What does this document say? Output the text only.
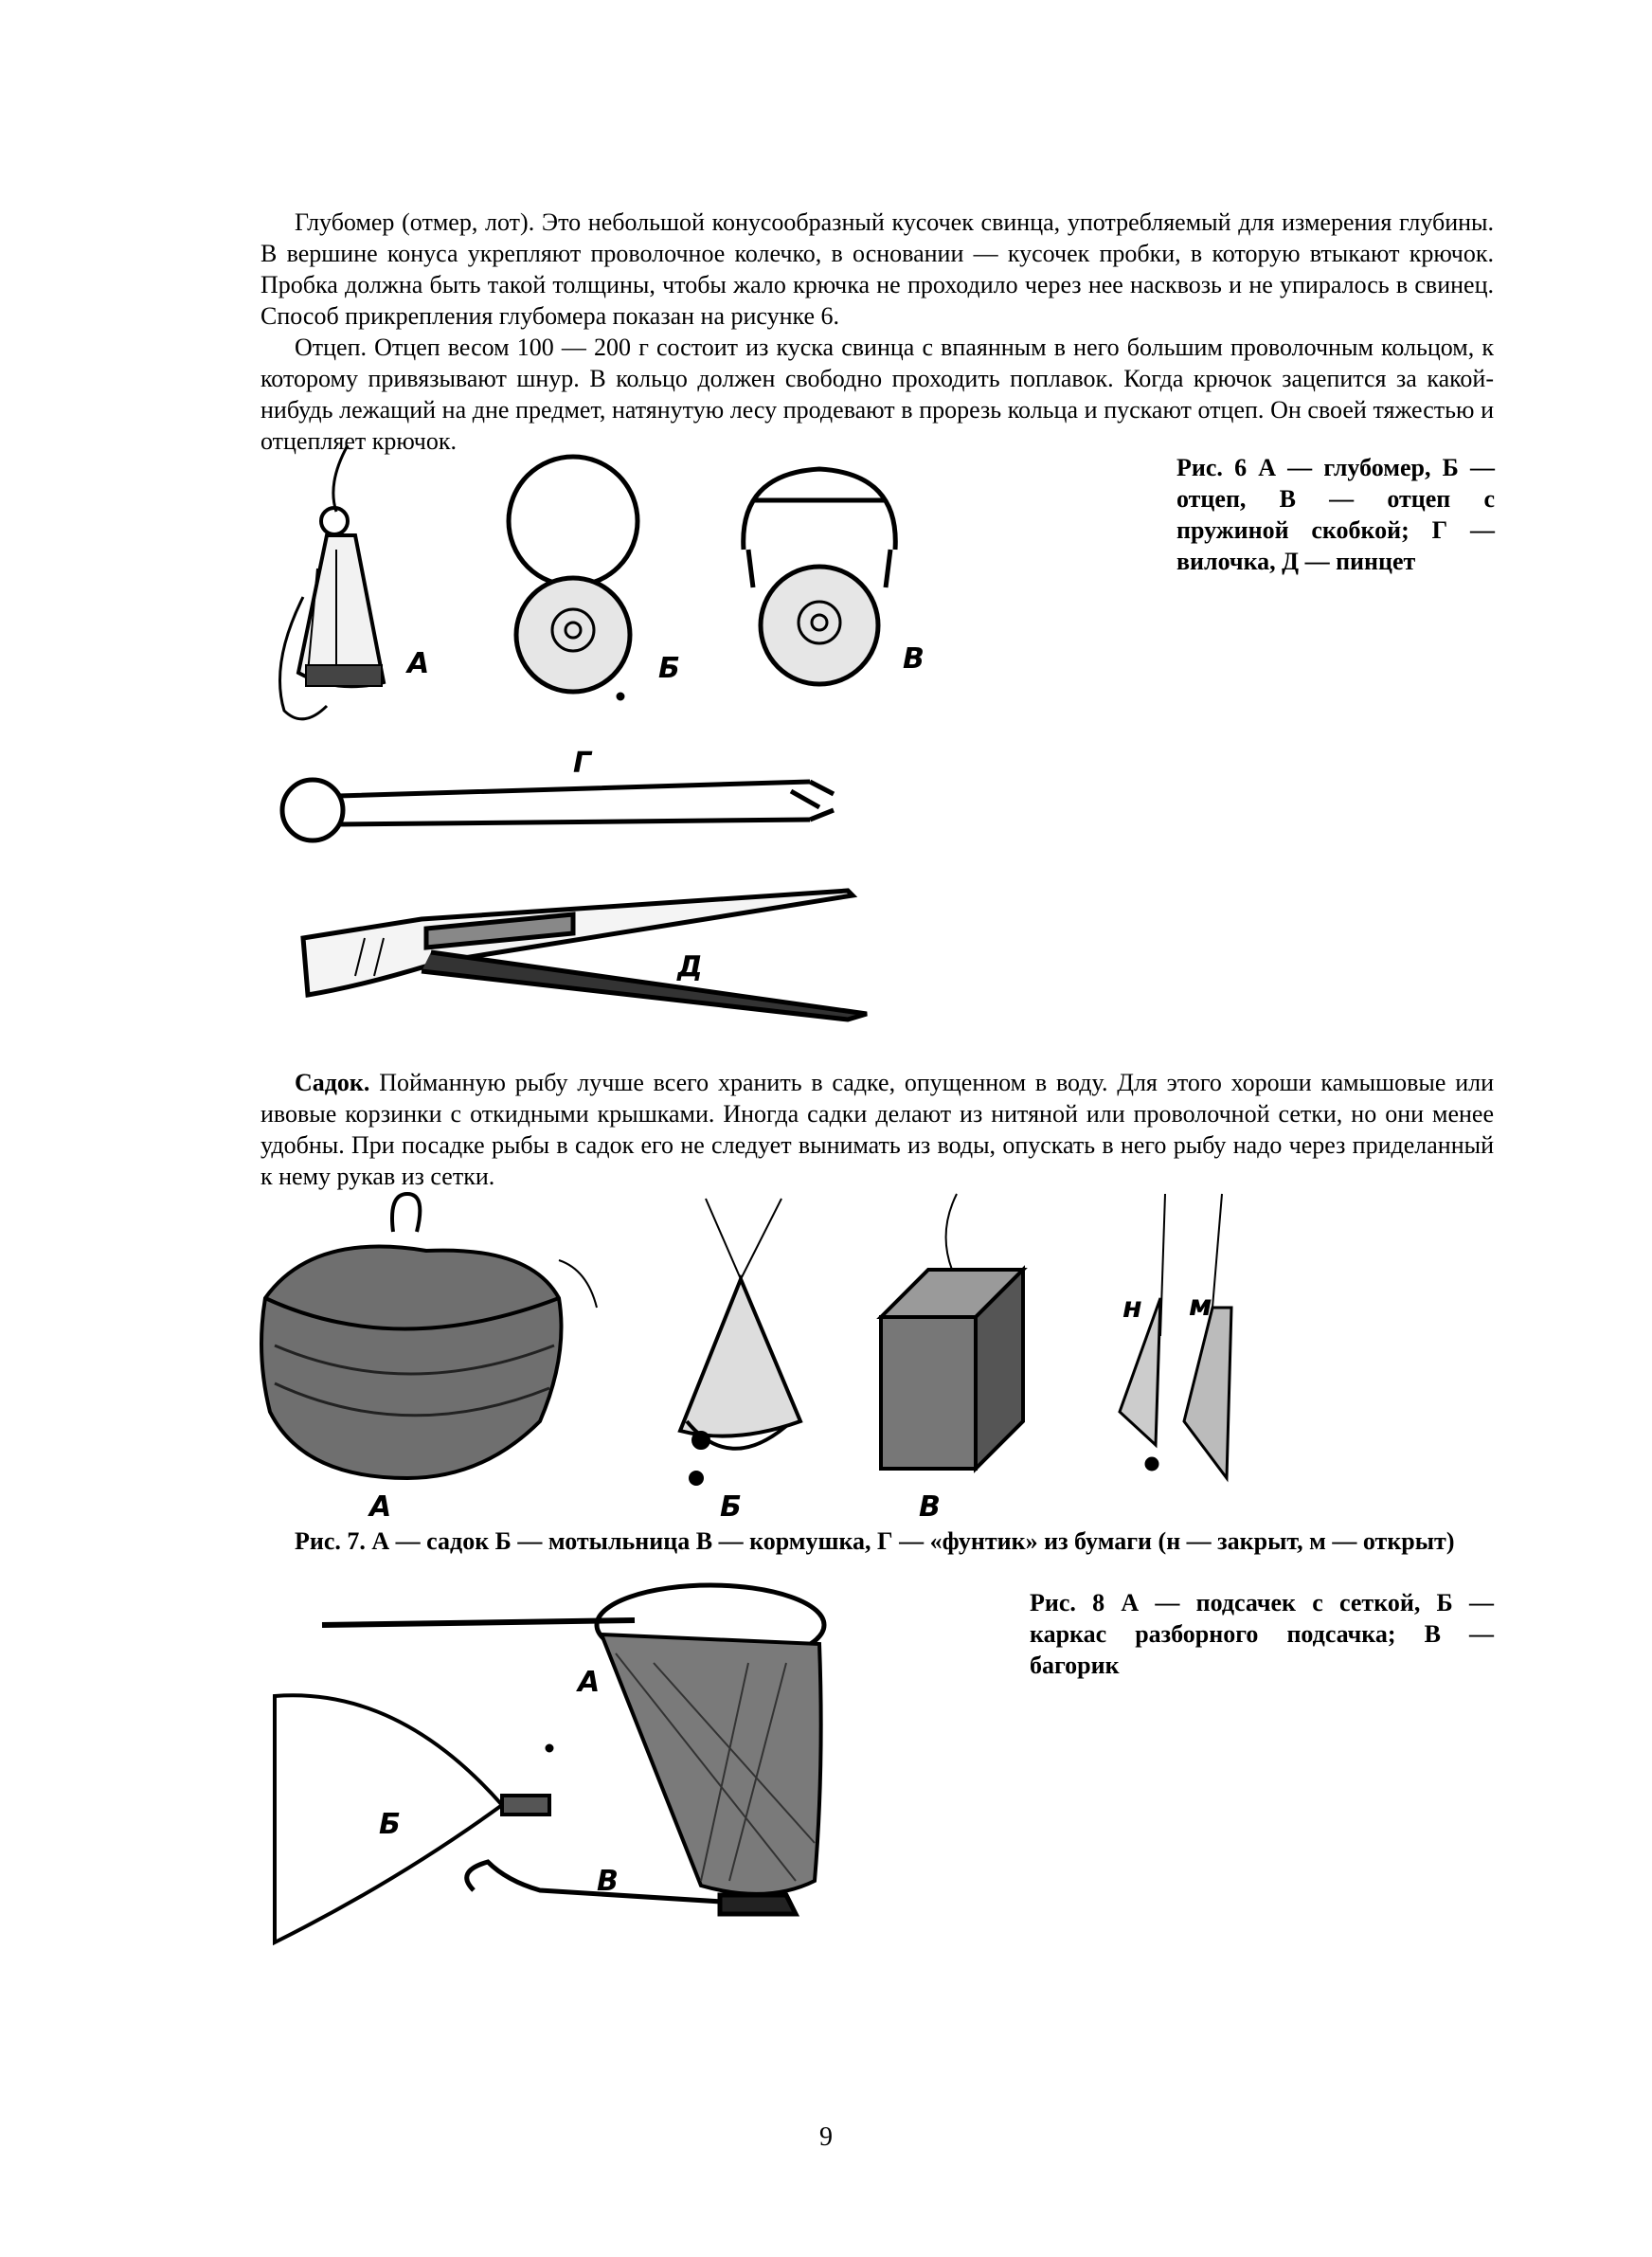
Глубомер (отмер, лот). Это небольшой конусообразный кусочек свинца, употребляемый для измерения глубины. В вершине конуса укрепляют проволочное колечко, в основании — кусочек пробки, в которую втыкают крючок. Пробка должна быть такой толщины, чтобы жало крючка не проходило через нее насквозь и не упиралось в свинец. Способ прикрепления глубомера показан на рисунке 6.

Отцеп. Отцеп весом 100 — 200 г состоит из куска свинца с впаянным в него большим проволочным кольцом, к которому привязывают шнур. В кольцо должен свободно проходить поплавок. Когда крючок зацепится за какой-нибудь лежащий на дне предмет, натянутую лесу продевают в прорезь кольца и пускают отцеп. Он своей тяжестью и отцепляет крючок.

Рис. 6 А — глубомер, Б — отцеп, В — отцеп с пружиной скобкой; Г — вилочка, Д — пинцет

А	Б	В
Г
Д

Садок. Пойманную рыбу лучше всего хранить в садке, опущенном в воду. Для этого хороши камышовые или ивовые корзинки с откидными крышками. Иногда садки делают из нитяной или проволочной сетки, но они менее удобны. При посадке рыбы в садок его не следует вынимать из воды, опускать в него рыбу надо через приделанный к нему рукав из сетки.

А	Б	В
н м

Рис. 7. А — садок Б — мотыльница В — кормушка, Г — «фунтик» из бумаги (н — закрыт, м — открыт)

Рис. 8 А — подсачек с сеткой, Б — каркас разборного подсачка; В — багорик

А
Б
В
9
